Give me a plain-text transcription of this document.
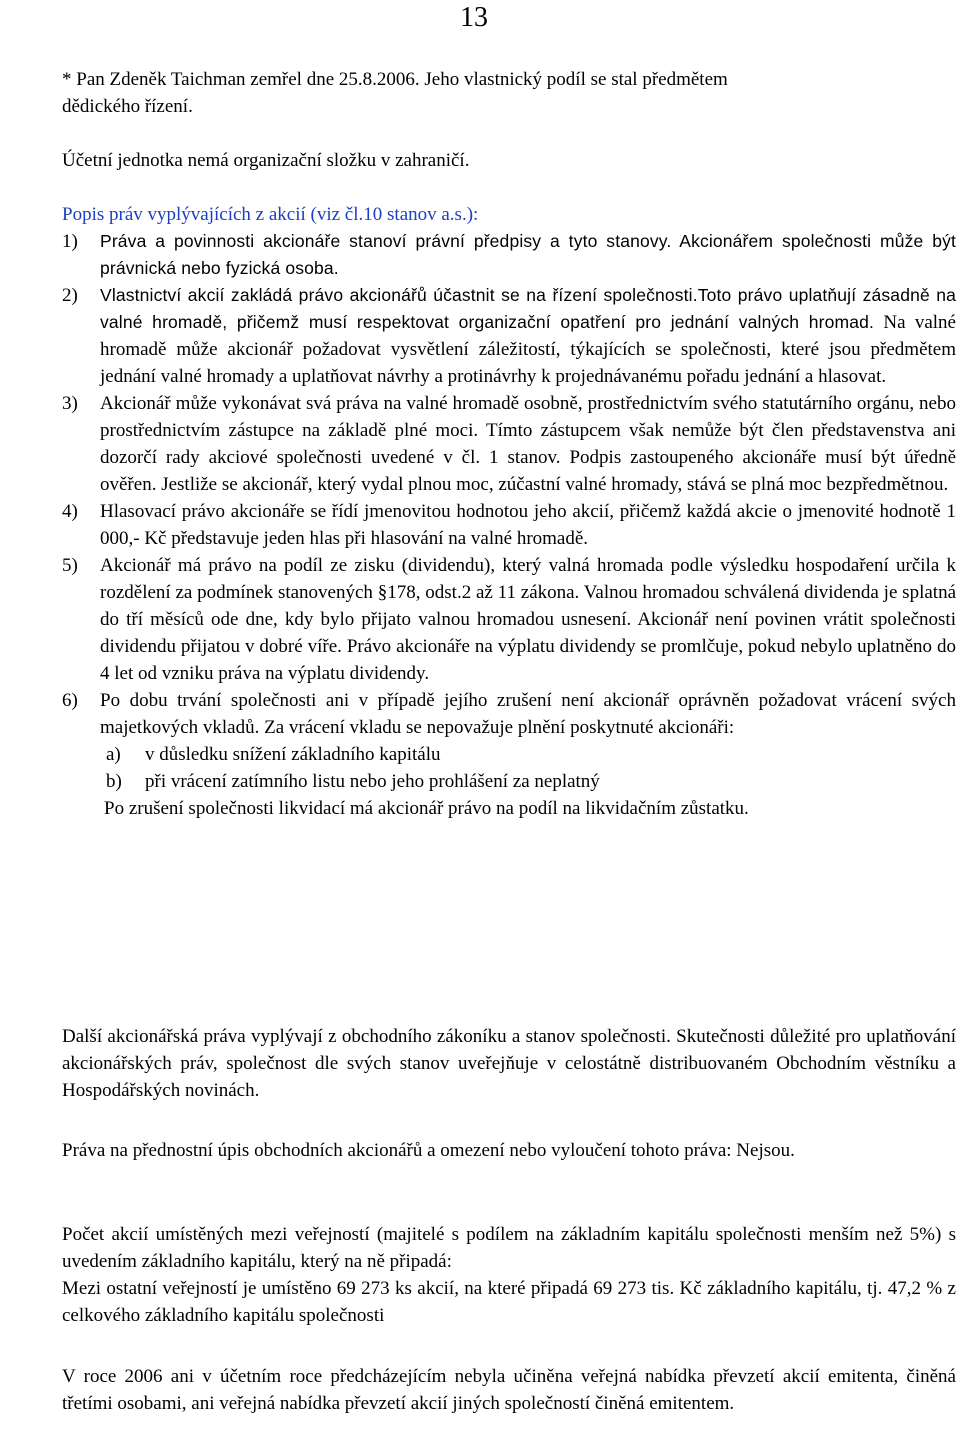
13
* Pan Zdeněk Taichman zemřel dne 25.8.2006. Jeho vlastnický podíl se stal předmětem
dědického řízení.

Účetní jednotka nemá organizační složku v zahraničí.

Popis práv vyplývajících z akcií (viz čl.10 stanov a.s.):
1) Práva a povinnosti akcionáře stanoví právní předpisy a tyto stanovy. Akcionářem společnosti může být právnická nebo fyzická osoba.
2) Vlastnictví akcií zakládá právo akcionářů účastnit se na řízení společnosti.Toto právo uplatňují zásadně na valné hromadě, přičemž musí respektovat organizační opatření pro jednání valných hromad. Na valné hromadě může akcionář požadovat vysvětlení záležitostí, týkajících se společnosti, které jsou předmětem jednání valné hromady a uplatňovat návrhy a protinávrhy k projednávanému pořadu jednání a hlasovat.
3) Akcionář může vykonávat svá práva na valné hromadě osobně, prostřednictvím svého statutárního orgánu, nebo prostřednictvím zástupce na základě plné moci. Tímto zástupcem však nemůže být člen představenstva ani dozorčí rady akciové společnosti uvedené v čl. 1 stanov. Podpis zastoupeného akcionáře musí být úředně ověřen. Jestliže se akcionář, který vydal plnou moc, zúčastní valné hromady, stává se plná moc bezpředmětnou.
4) Hlasovací právo akcionáře se řídí jmenovitou hodnotou jeho akcií, přičemž každá akcie o jmenovité hodnotě 1 000,- Kč představuje jeden hlas při hlasování na valné hromadě.
5) Akcionář má právo na podíl ze zisku (dividendu), který valná hromada podle výsledku hospodaření určila k rozdělení za podmínek stanovených §178, odst.2 až 11 zákona. Valnou hromadou schválená dividenda je splatná do tří měsíců ode dne, kdy bylo přijato valnou hromadou usnesení. Akcionář není povinen vrátit společnosti dividendu přijatou v dobré víře. Právo akcionáře na výplatu dividendy se promlčuje, pokud nebylo uplatněno do 4 let od vzniku práva na výplatu dividendy.
6) Po dobu trvání společnosti ani v případě jejího zrušení není akcionář oprávněn požadovat vrácení svých majetkových vkladů. Za vrácení vkladu se nepovažuje plnění poskytnuté akcionáři:
a) v důsledku snížení základního kapitálu
b) při vrácení zatímního listu nebo jeho prohlášení za neplatný
Po zrušení společnosti likvidací má akcionář právo na podíl na likvidačním zůstatku.

Další akcionářská práva vyplývají z obchodního zákoníku a stanov společnosti. Skutečnosti důležité pro uplatňování akcionářských práv, společnost dle svých stanov uveřejňuje v celostátně distribuovaném Obchodním věstníku a Hospodářských novinách.

Práva na přednostní úpis obchodních akcionářů a omezení nebo vyloučení tohoto práva: Nejsou.

Počet akcií umístěných mezi veřejností (majitelé s podílem na základním kapitálu společnosti menším než 5%) s uvedením základního kapitálu, který na ně připadá:
Mezi ostatní veřejností je umístěno 69 273 ks akcií, na které připadá 69 273 tis. Kč základního kapitálu, tj. 47,2 % z celkového základního kapitálu společnosti

V roce 2006 ani v účetním roce předcházejícím nebyla učiněna veřejná nabídka převzetí akcií emitenta, činěná třetími osobami, ani veřejná nabídka převzetí akcií jiných společností činěná emitentem.
